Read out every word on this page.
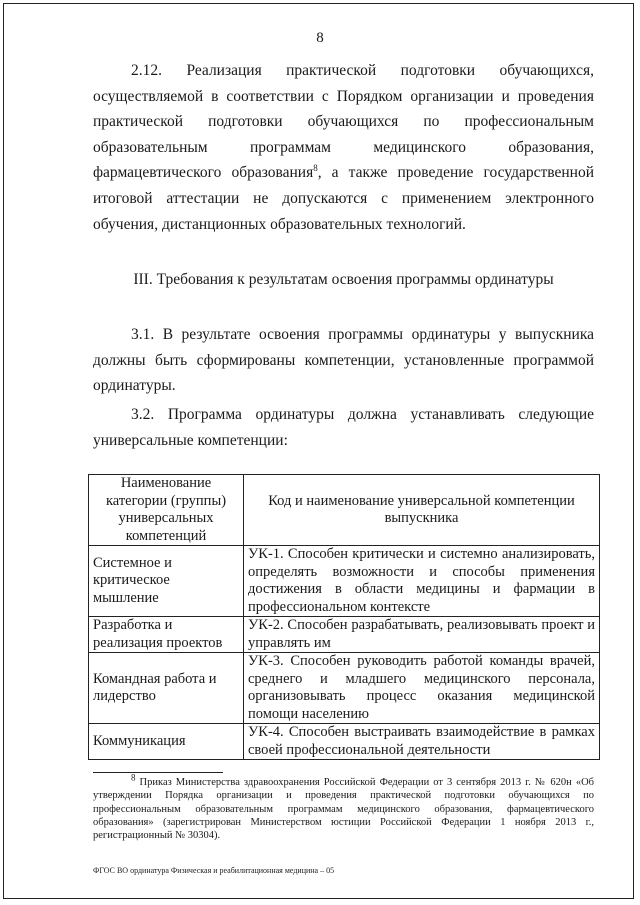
8
2.12. Реализация практической подготовки обучающихся, осуществляемой в соответствии с Порядком организации и проведения практической подготовки обучающихся по профессиональным образовательным программам медицинского образования, фармацевтического образования$^8$, а также проведение государственной итоговой аттестации не допускаются с применением электронного обучения, дистанционных образовательных технологий.
III. Требования к результатам освоения программы ординатуры
3.1. В результате освоения программы ординатуры у выпускника должны быть сформированы компетенции, установленные программой ординатуры.
3.2. Программа ординатуры должна устанавливать следующие универсальные компетенции:
Наименование категории (группы) универсальных компетенций	Код и наименование универсальной компетенции выпускника
Системное и критическое мышление	УК-1. Способен критически и системно анализировать, определять возможности и способы применения достижения в области медицины и фармации в профессиональном контексте
Разработка и реализация проектов	УК-2. Способен разрабатывать, реализовывать проект и управлять им
Командная работа и лидерство	УК-3. Способен руководить работой команды врачей, среднего и младшего медицинского персонала, организовывать процесс оказания медицинской помощи населению
Коммуникация	УК-4. Способен выстраивать взаимодействие в рамках своей профессиональной деятельности
$^8$ Приказ Министерства здравоохранения Российской Федерации от 3 сентября 2013 г. № 620н «Об утверждении Порядка организации и проведения практической подготовки обучающихся по профессиональным образовательным программам медицинского образования, фармацевтического образования» (зарегистрирован Министерством юстиции Российской Федерации 1 ноября 2013 г., регистрационный № 30304).
ФГОС ВО ординатура Физическая и реабилитационная медицина – 05
